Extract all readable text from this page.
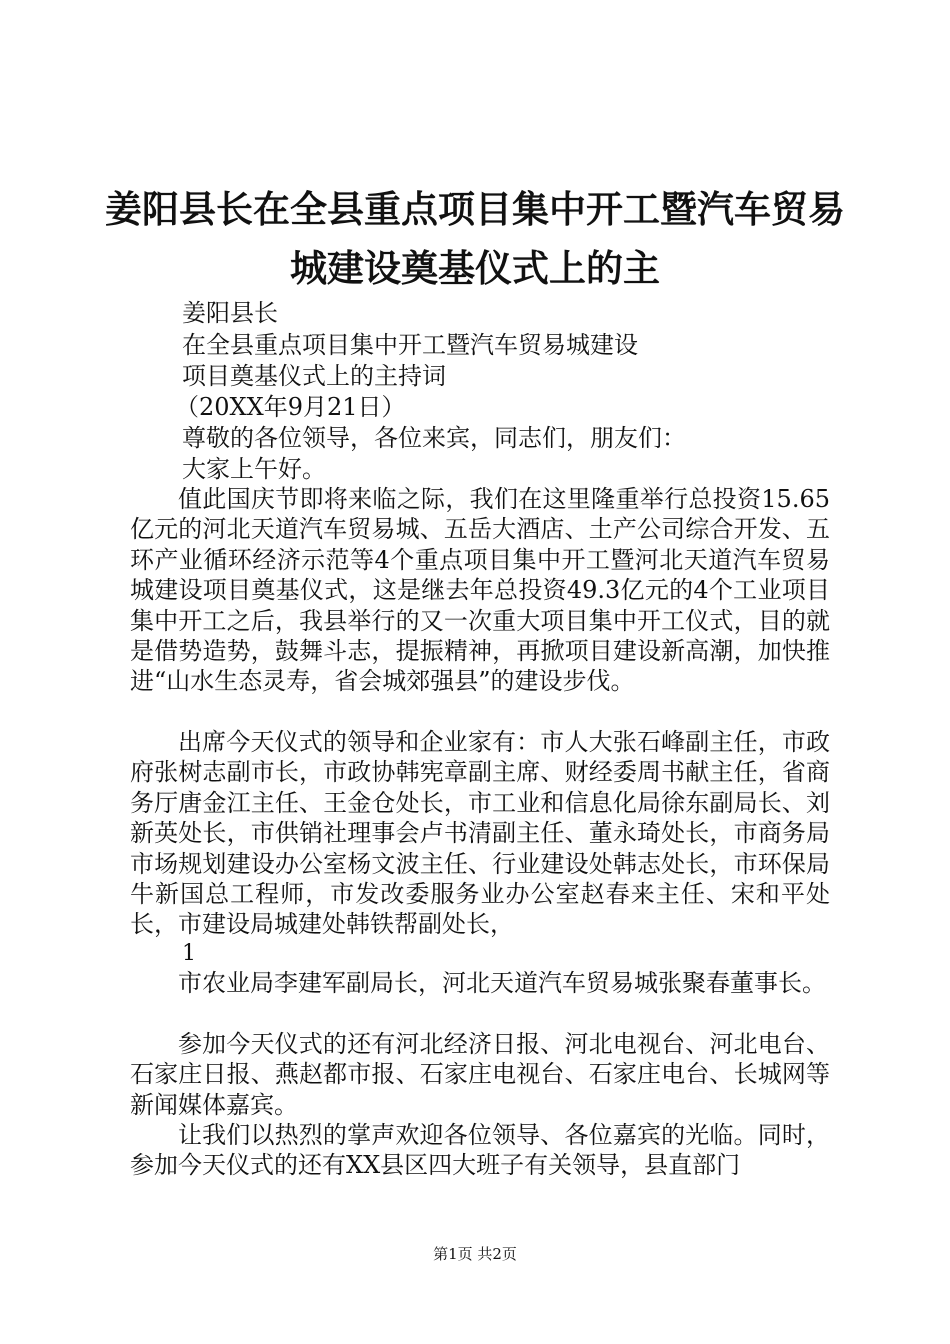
姜阳县长在全县重点项目集中开工暨汽车贸易
城建设奠基仪式上的主
姜阳县长
在全县重点项目集中开工暨汽车贸易城建设
项目奠基仪式上的主持词
（20XX年9月21日）
尊敬的各位领导，各位来宾，同志们，朋友们：
大家上午好。
值此国庆节即将来临之际，我们在这里隆重举行总投资15.65亿元的河北天道汽车贸易城、五岳大酒店、土产公司综合开发、五环产业循环经济示范等4个重点项目集中开工暨河北天道汽车贸易城建设项目奠基仪式，这是继去年总投资49.3亿元的4个工业项目集中开工之后，我县举行的又一次重大项目集中开工仪式，目的就是借势造势，鼓舞斗志，提振精神，再掀项目建设新高潮，加快推进“山水生态灵寿，省会城郊强县”的建设步伐。
出席今天仪式的领导和企业家有：市人大张石峰副主任，市政府张树志副市长，市政协韩宪章副主席、财经委周书献主任，省商务厅唐金江主任、王金仓处长，市工业和信息化局徐东副局长、刘新英处长，市供销社理事会卢书清副主任、董永琦处长，市商务局市场规划建设办公室杨文波主任、行业建设处韩志处长，市环保局牛新国总工程师，市发改委服务业办公室赵春来主任、宋和平处长，市建设局城建处韩铁帮副处长，
1
市农业局李建军副局长，河北天道汽车贸易城张聚春董事长。
参加今天仪式的还有河北经济日报、河北电视台、河北电台、石家庄日报、燕赵都市报、石家庄电视台、石家庄电台、长城网等新闻媒体嘉宾。
让我们以热烈的掌声欢迎各位领导、各位嘉宾的光临。同时，参加今天仪式的还有XX县区四大班子有关领导，县直部门
第1页 共2页
